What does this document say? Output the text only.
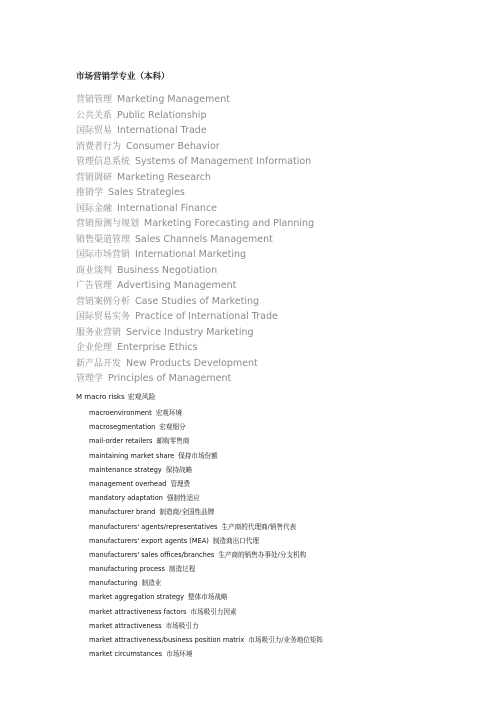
市场营销学专业（本科）
营销管理 Marketing Management
公共关系 Public Relationship
国际贸易 International Trade
消费者行为 Consumer Behavior
管理信息系统 Systems of Management Information
营销调研 Marketing Research
推销学 Sales Strategies
国际金融 International Finance
营销预测与规划 Marketing Forecasting and Planning
销售渠道管理 Sales Channels Management
国际市场营销 International Marketing
商业谈判 Business Negotiation
广告管理 Advertising Management
营销案例分析 Case Studies of Marketing
国际贸易实务 Practice of International Trade
服务业营销 Service Industry Marketing
企业伦理 Enterprise Ethics
新产品开发 New Products Development
管理学 Principles of Management
M macro risks 宏观风险
macroenvironment 宏观环境
macrosegmentation 宏观细分
mail-order retailers 邮购零售商
maintaining market share 保持市场份额
maintenance strategy 保持战略
management overhead 管理费
mandatory adaptation 强制性适应
manufacturer brand 制造商/全国性品牌
manufacturers' agents/representatives 生产商的代理商/销售代表
manufacturers' export agents (MEA) 制造商出口代理
manufacturers' sales offices/branches 生产商的销售办事处/分支机构
manufacturing process 制造过程
manufacturing 制造业
market aggregation strategy 整体市场战略
market attractiveness factors 市场吸引力因素
market attractiveness 市场吸引力
market attractiveness/business position matrix 市场吸引力/业务地位矩阵
market circumstances 市场环境
